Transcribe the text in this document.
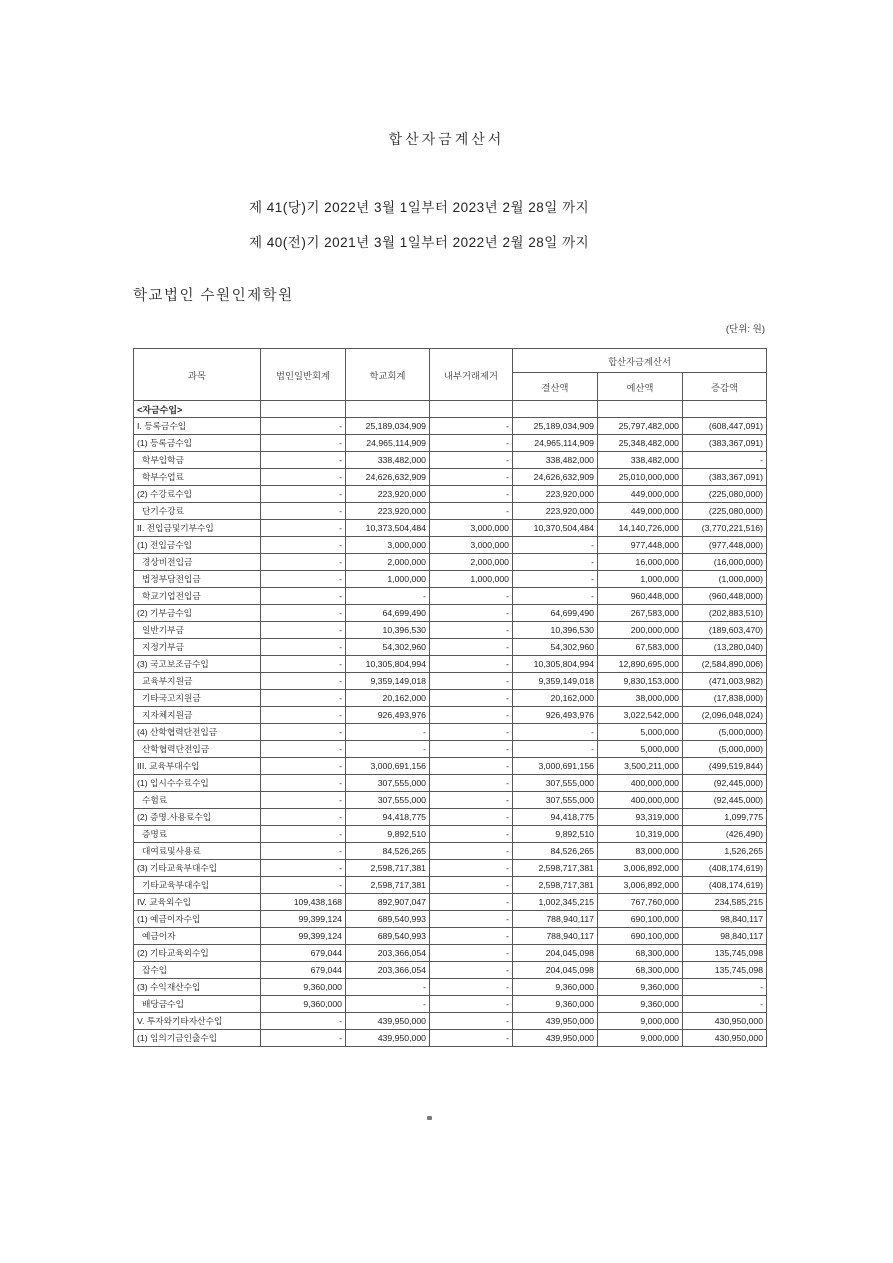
합산자금계산서
제 41(당)기 2022년 3월 1일부터 2023년 2월 28일 까지
제 40(전)기 2021년 3월 1일부터 2022년 2월 28일 까지
학교법인 수원인제학원
(단위: 원)
과목	법인일반회계	학교회계	내부거래제거	합산자금계산서		
				결산액	예산액	증감액
<자금수입>						
I. 등록금수입	-	25,189,034,909	-	25,189,034,909	25,797,482,000	(608,447,091)
(1) 등록금수입	-	24,965,114,909	-	24,965,114,909	25,348,482,000	(383,367,091)
학부입학금	-	338,482,000	-	338,482,000	338,482,000	-
학부수업료	-	24,626,632,909	-	24,626,632,909	25,010,000,000	(383,367,091)
(2) 수강료수입	-	223,920,000	-	223,920,000	449,000,000	(225,080,000)
단기수강료	-	223,920,000	-	223,920,000	449,000,000	(225,080,000)
II. 전입금및기부수입	-	10,373,504,484	3,000,000	10,370,504,484	14,140,726,000	(3,770,221,516)
(1) 전입금수입	-	3,000,000	3,000,000	-	977,448,000	(977,448,000)
경상비전입금	-	2,000,000	2,000,000	-	16,000,000	(16,000,000)
법정부담전입금	-	1,000,000	1,000,000	-	1,000,000	(1,000,000)
학교기업전입금	-	-	-	-	960,448,000	(960,448,000)
(2) 기부금수입	-	64,699,490	-	64,699,490	267,583,000	(202,883,510)
일반기부금	-	10,396,530	-	10,396,530	200,000,000	(189,603,470)
지정기부금	-	54,302,960	-	54,302,960	67,583,000	(13,280,040)
(3) 국고보조금수입	-	10,305,804,994	-	10,305,804,994	12,890,695,000	(2,584,890,006)
교육부지원금	-	9,359,149,018	-	9,359,149,018	9,830,153,000	(471,003,982)
기타국고지원금	-	20,162,000	-	20,162,000	38,000,000	(17,838,000)
지자체지원금	-	926,493,976	-	926,493,976	3,022,542,000	(2,096,048,024)
(4) 산학협력단전입금	-	-	-	-	5,000,000	(5,000,000)
산학협력단전입금	-	-	-	-	5,000,000	(5,000,000)
III. 교육부대수입	-	3,000,691,156	-	3,000,691,156	3,500,211,000	(499,519,844)
(1) 입시수수료수입	-	307,555,000	-	307,555,000	400,000,000	(92,445,000)
수험료	-	307,555,000	-	307,555,000	400,000,000	(92,445,000)
(2) 증명.사용료수입	-	94,418,775	-	94,418,775	93,319,000	1,099,775
증명료	-	9,892,510	-	9,892,510	10,319,000	(426,490)
대여료및사용료	-	84,526,265	-	84,526,265	83,000,000	1,526,265
(3) 기타교육부대수입	-	2,598,717,381	-	2,598,717,381	3,006,892,000	(408,174,619)
기타교육부대수입	-	2,598,717,381	-	2,598,717,381	3,006,892,000	(408,174,619)
IV. 교육외수입	109,438,168	892,907,047	-	1,002,345,215	767,760,000	234,585,215
(1) 예금이자수입	99,399,124	689,540,993	-	788,940,117	690,100,000	98,840,117
예금이자	99,399,124	689,540,993	-	788,940,117	690,100,000	98,840,117
(2) 기타교육외수입	679,044	203,366,054	-	204,045,098	68,300,000	135,745,098
잡수입	679,044	203,366,054	-	204,045,098	68,300,000	135,745,098
(3) 수익재산수입	9,360,000	-	-	9,360,000	9,360,000	-
배당금수입	9,360,000	-	-	9,360,000	9,360,000	-
V. 투자와기타자산수입	-	439,950,000	-	439,950,000	9,000,000	430,950,000
(1) 임의기금인출수입	-	439,950,000	-	439,950,000	9,000,000	430,950,000
